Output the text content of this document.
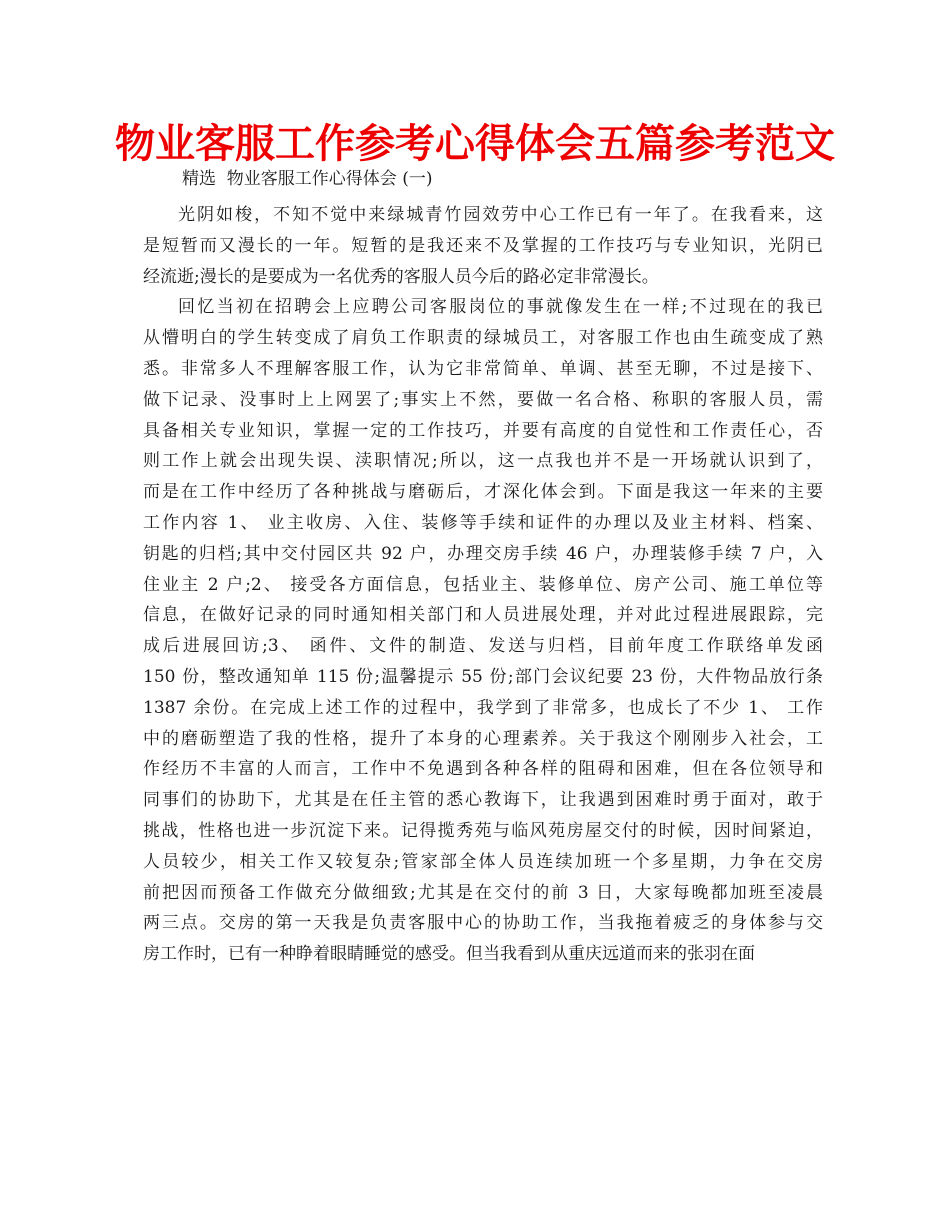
物业客服工作参考心得体会五篇参考范文
精选  物业客服工作心得体会 (一)
光阴如梭，不知不觉中来绿城青竹园效劳中心工作已有一年了。在我看来，这
是短暂而又漫长的一年。短暂的是我还来不及掌握的工作技巧与专业知识，光阴已
经流逝;漫长的是要成为一名优秀的客服人员今后的路必定非常漫长。
回忆当初在招聘会上应聘公司客服岗位的事就像发生在一样;不过现在的我已
从懵明白的学生转变成了肩负工作职责的绿城员工，对客服工作也由生疏变成了熟
悉。非常多人不理解客服工作，认为它非常简单、单调、甚至无聊，不过是接下、
做下记录、没事时上上网罢了;事实上不然，要做一名合格、称职的客服人员，需
具备相关专业知识，掌握一定的工作技巧，并要有高度的自觉性和工作责任心，否
则工作上就会出现失误、渎职情况;所以，这一点我也并不是一开场就认识到了，
而是在工作中经历了各种挑战与磨砺后，才深化体会到。下面是我这一年来的主要
工作内容 1、 业主收房、入住、装修等手续和证件的办理以及业主材料、档案、
钥匙的归档;其中交付园区共 92 户，办理交房手续 46 户，办理装修手续 7 户，入
住业主 2 户;2、 接受各方面信息，包括业主、装修单位、房产公司、施工单位等
信息，在做好记录的同时通知相关部门和人员进展处理，并对此过程进展跟踪，完
成后进展回访;3、 函件、文件的制造、发送与归档，目前年度工作联络单发函
150 份，整改通知单 115 份;温馨提示 55 份;部门会议纪要 23 份，大件物品放行条
1387 余份。在完成上述工作的过程中，我学到了非常多，也成长了不少 1、 工作
中的磨砺塑造了我的性格，提升了本身的心理素养。关于我这个刚刚步入社会，工
作经历不丰富的人而言，工作中不免遇到各种各样的阻碍和困难，但在各位领导和
同事们的协助下，尤其是在任主管的悉心教诲下，让我遇到困难时勇于面对，敢于
挑战，性格也进一步沉淀下来。记得揽秀苑与临风苑房屋交付的时候，因时间紧迫，
人员较少，相关工作又较复杂;管家部全体人员连续加班一个多星期，力争在交房
前把因而预备工作做充分做细致;尤其是在交付的前 3 日，大家每晚都加班至凌晨
两三点。交房的第一天我是负责客服中心的协助工作，当我拖着疲乏的身体参与交
房工作时，已有一种睁着眼睛睡觉的感受。但当我看到从重庆远道而来的张羽在面
